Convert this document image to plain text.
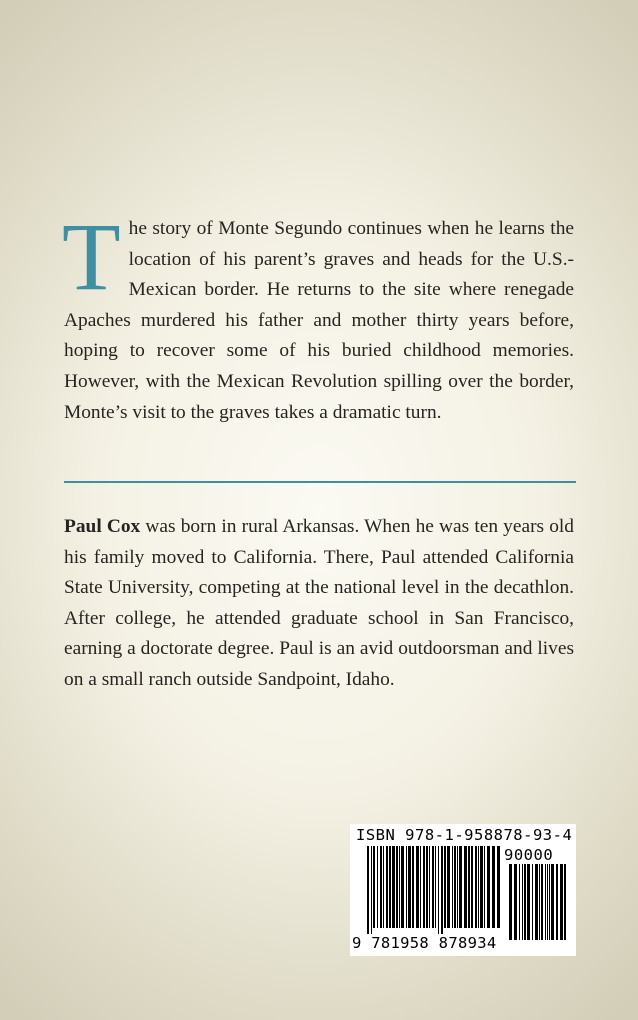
The story of Monte Segundo continues when he learns the location of his parent’s graves and heads for the U.S.-Mexican border. He returns to the site where renegade Apaches murdered his father and mother thirty years before, hoping to recover some of his buried childhood memories. However, with the Mexican Revolution spilling over the border, Monte’s visit to the graves takes a dramatic turn.

Paul Cox was born in rural Arkansas. When he was ten years old his family moved to California. There, Paul attended California State University, competing at the national level in the decathlon. After college, he attended graduate school in San Francisco, earning a doctorate degree. Paul is an avid outdoorsman and lives on a small ranch outside Sandpoint, Idaho.

ISBN 978-1-958878-93-4
90000
9 781958 878934
